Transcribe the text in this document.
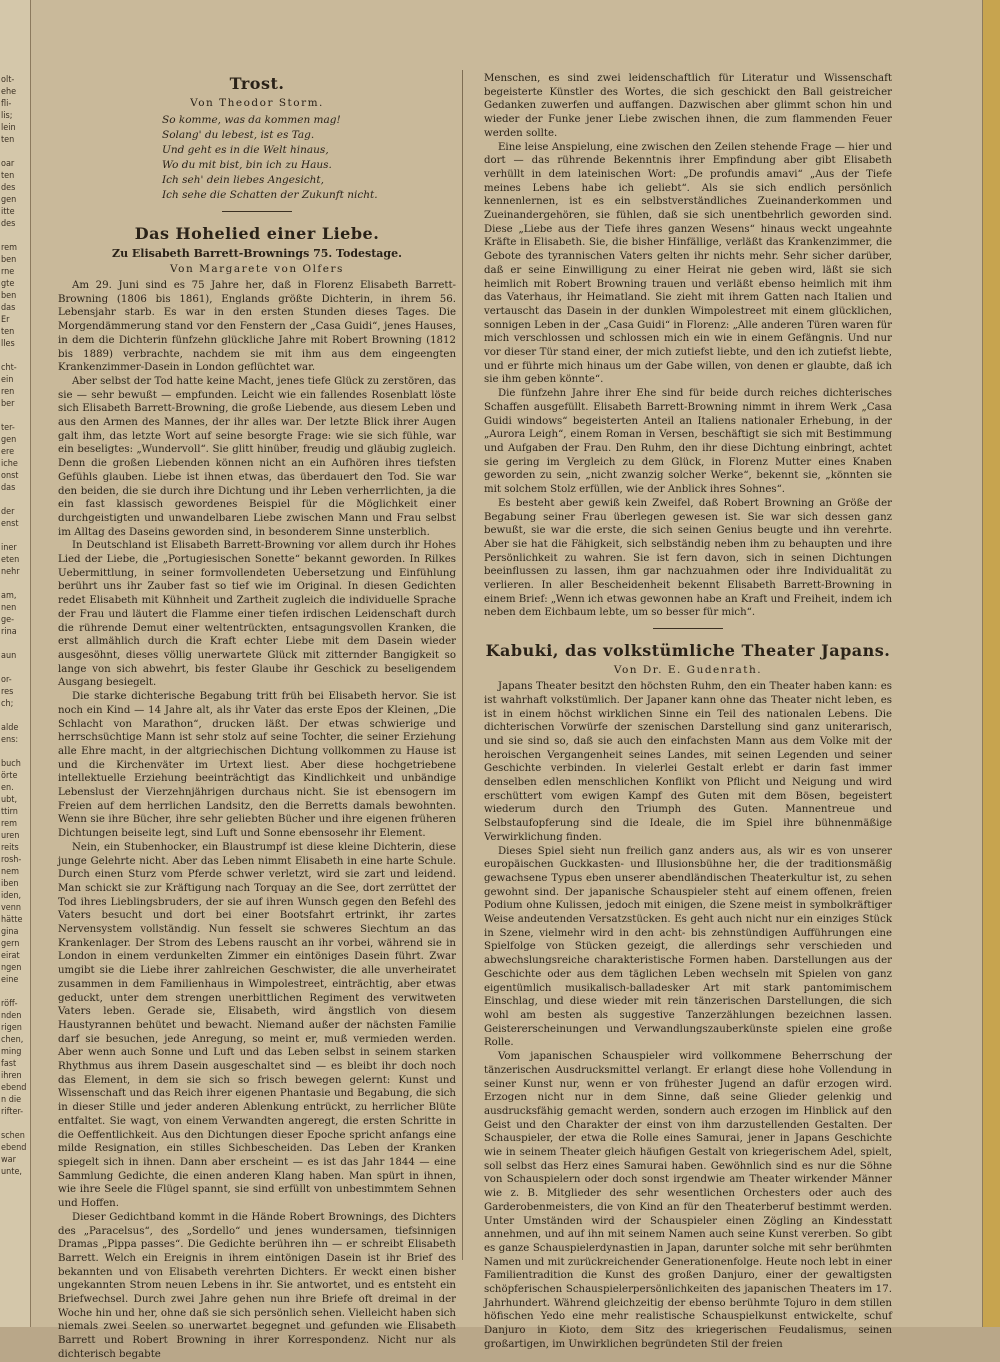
olt-
ehe
fli-
lis;
lein
ten

oar
ten
des
gen
itte
des

rem
ben
rne
gte
ben
das
Er
ten
lles

cht-
ein
ren
ber

ter-
gen
ere
iche
onst
das

der
enst

iner
eten
nehr

am,
nen
ge-
rina

aun

or-
res
ch;

alde
ens:

buch
örte
en.
ubt,
ttirn
rem
uren
reits
rosh-
nem
iben
iden,
venn
hätte
gina
gern
eirat
ngen
eine

röff-
nden
rigen
chen,
ming
fast
ihren
ebend
n die
rifter-

schen
ebend
war
unte,
Trost.
Von Theodor Storm.
So komme, was da kommen mag!
Solang' du lebest, ist es Tag.
Und geht es in die Welt hinaus,
Wo du mit bist, bin ich zu Haus.
Ich seh' dein liebes Angesicht,
Ich sehe die Schatten der Zukunft nicht.
Das Hohelied einer Liebe.
Zu Elisabeth Barrett-Brownings 75. Todestage.
Von Margarete von Olfers

Am 29. Juni sind es 75 Jahre her, daß in Florenz Elisabeth Barrett-Browning (1806 bis 1861), Englands größte Dichterin, in ihrem 56. Lebensjahr starb. Es war in den ersten Stunden dieses Tages. Die Morgendämmerung stand vor den Fenstern der „Casa Guidi“, jenes Hauses, in dem die Dichterin fünfzehn glückliche Jahre mit Robert Browning (1812 bis 1889) verbrachte, nachdem sie mit ihm aus dem eingeengten Krankenzimmer-Dasein in London geflüchtet war.

Aber selbst der Tod hatte keine Macht, jenes tiefe Glück zu zerstören, das sie — sehr bewußt — empfunden. Leicht wie ein fallendes Rosenblatt löste sich Elisabeth Barrett-Browning, die große Liebende, aus diesem Leben und aus den Armen des Mannes, der ihr alles war. Der letzte Blick ihrer Augen galt ihm, das letzte Wort auf seine besorgte Frage: wie sie sich fühle, war ein beseligtes: „Wundervoll“. Sie glitt hinüber, freudig und gläubig zugleich. Denn die großen Liebenden können nicht an ein Aufhören ihres tiefsten Gefühls glauben. Liebe ist ihnen etwas, das überdauert den Tod. Sie war den beiden, die sie durch ihre Dichtung und ihr Leben verherrlichten, ja die ein fast klassisch gewordenes Beispiel für die Möglichkeit einer durchgeistigten und unwandelbaren Liebe zwischen Mann und Frau selbst im Alltag des Daseins geworden sind, in besonderem Sinne unsterblich.

In Deutschland ist Elisabeth Barrett-Browning vor allem durch ihr Hohes Lied der Liebe, die „Portugiesischen Sonette“ bekannt geworden. In Rilkes Uebermittlung, in seiner formvollendeten Uebersetzung und Einfühlung berührt uns ihr Zauber fast so tief wie im Original. In diesen Gedichten redet Elisabeth mit Kühnheit und Zartheit zugleich die individuelle Sprache der Frau und läutert die Flamme einer tiefen irdischen Leidenschaft durch die rührende Demut einer weltentrückten, entsagungsvollen Kranken, die erst allmählich durch die Kraft echter Liebe mit dem Dasein wieder ausgesöhnt, dieses völlig unerwartete Glück mit zitternder Bangigkeit so lange von sich abwehrt, bis fester Glaube ihr Geschick zu beseligendem Ausgang besiegelt.

Die starke dichterische Begabung tritt früh bei Elisabeth hervor. Sie ist noch ein Kind — 14 Jahre alt, als ihr Vater das erste Epos der Kleinen, „Die Schlacht von Marathon“, drucken läßt. Der etwas schwierige und herrschsüchtige Mann ist sehr stolz auf seine Tochter, die seiner Erziehung alle Ehre macht, in der altgriechischen Dichtung vollkommen zu Hause ist und die Kirchenväter im Urtext liest. Aber diese hochgetriebene intellektuelle Erziehung beeinträchtigt das Kindlichkeit und unbändige Lebenslust der Vierzehnjährigen durchaus nicht. Sie ist ebensogern im Freien auf dem herrlichen Landsitz, den die Berretts damals bewohnten. Wenn sie ihre Bücher, ihre sehr geliebten Bücher und ihre eigenen früheren Dichtungen beiseite legt, sind Luft und Sonne ebensosehr ihr Element.

Nein, ein Stubenhocker, ein Blaustrumpf ist diese kleine Dichterin, diese junge Gelehrte nicht. Aber das Leben nimmt Elisabeth in eine harte Schule. Durch einen Sturz vom Pferde schwer verletzt, wird sie zart und leidend. Man schickt sie zur Kräftigung nach Torquay an die See, dort zerrüttet der Tod ihres Lieblingsbruders, der sie auf ihren Wunsch gegen den Befehl des Vaters besucht und dort bei einer Bootsfahrt ertrinkt, ihr zartes Nervensystem vollständig. Nun fesselt sie schweres Siechtum an das Krankenlager. Der Strom des Lebens rauscht an ihr vorbei, während sie in London in einem verdunkelten Zimmer ein eintöniges Dasein führt. Zwar umgibt sie die Liebe ihrer zahlreichen Geschwister, die alle unverheiratet zusammen in dem Familienhaus in Wimpolestreet, einträchtig, aber etwas geduckt, unter dem strengen unerbittlichen Regiment des verwitweten Vaters leben. Gerade sie, Elisabeth, wird ängstlich von diesem Haustyrannen behütet und bewacht. Niemand außer der nächsten Familie darf sie besuchen, jede Anregung, so meint er, muß vermieden werden. Aber wenn auch Sonne und Luft und das Leben selbst in seinem starken Rhythmus aus ihrem Dasein ausgeschaltet sind — es bleibt ihr doch noch das Element, in dem sie sich so frisch bewegen gelernt: Kunst und Wissenschaft und das Reich ihrer eigenen Phantasie und Begabung, die sich in dieser Stille und jeder anderen Ablenkung entrückt, zu herrlicher Blüte entfaltet. Sie wagt, von einem Verwandten angeregt, die ersten Schritte in die Oeffentlichkeit. Aus den Dichtungen dieser Epoche spricht anfangs eine milde Resignation, ein stilles Sichbescheiden. Das Leben der Kranken spiegelt sich in ihnen. Dann aber erscheint — es ist das Jahr 1844 — eine Sammlung Gedichte, die einen anderen Klang haben. Man spürt in ihnen, wie ihre Seele die Flügel spannt, sie sind erfüllt von unbestimmtem Sehnen und Hoffen.

Dieser Gedichtband kommt in die Hände Robert Brownings, des Dichters des „Paracelsus“, des „Sordello“ und jenes wundersamen, tiefsinnigen Dramas „Pippa passes“. Die Gedichte berühren ihn — er schreibt Elisabeth Barrett. Welch ein Ereignis in ihrem eintönigen Dasein ist ihr Brief des bekannten und von Elisabeth verehrten Dichters. Er weckt einen bisher ungekannten Strom neuen Lebens in ihr. Sie antwortet, und es entsteht ein Briefwechsel. Durch zwei Jahre gehen nun ihre Briefe oft dreimal in der Woche hin und her, ohne daß sie sich persönlich sehen. Vielleicht haben sich niemals zwei Seelen so unerwartet begegnet und gefunden wie Elisabeth Barrett und Robert Browning in ihrer Korrespondenz. Nicht nur als dichterisch begabte

Menschen, es sind zwei leidenschaftlich für Literatur und Wissenschaft begeisterte Künstler des Wortes, die sich geschickt den Ball geistreicher Gedanken zuwerfen und auffangen. Dazwischen aber glimmt schon hin und wieder der Funke jener Liebe zwischen ihnen, die zum flammenden Feuer werden sollte.

Eine leise Anspielung, eine zwischen den Zeilen stehende Frage — hier und dort — das rührende Bekenntnis ihrer Empfindung aber gibt Elisabeth verhüllt in dem lateinischen Wort: „De profundis amavi“ „Aus der Tiefe meines Lebens habe ich geliebt“. Als sie sich endlich persönlich kennenlernen, ist es ein selbstverständliches Zueinanderkommen und Zueinandergehören, sie fühlen, daß sie sich unentbehrlich geworden sind. Diese „Liebe aus der Tiefe ihres ganzen Wesens“ hinaus weckt ungeahnte Kräfte in Elisabeth. Sie, die bisher Hinfällige, verläßt das Krankenzimmer, die Gebote des tyrannischen Vaters gelten ihr nichts mehr. Sehr sicher darüber, daß er seine Einwilligung zu einer Heirat nie geben wird, läßt sie sich heimlich mit Robert Browning trauen und verläßt ebenso heimlich mit ihm das Vaterhaus, ihr Heimatland. Sie zieht mit ihrem Gatten nach Italien und vertauscht das Dasein in der dunklen Wimpolestreet mit einem glücklichen, sonnigen Leben in der „Casa Guidi“ in Florenz: „Alle anderen Türen waren für mich verschlossen und schlossen mich ein wie in einem Gefängnis. Und nur vor dieser Tür stand einer, der mich zutiefst liebte, und den ich zutiefst liebte, und er führte mich hinaus um der Gabe willen, von denen er glaubte, daß ich sie ihm geben könnte“.

Die fünfzehn Jahre ihrer Ehe sind für beide durch reiches dichterisches Schaffen ausgefüllt. Elisabeth Barrett-Browning nimmt in ihrem Werk „Casa Guidi windows“ begeisterten Anteil an Italiens nationaler Erhebung, in der „Aurora Leigh“, einem Roman in Versen, beschäftigt sie sich mit Bestimmung und Aufgaben der Frau. Den Ruhm, den ihr diese Dichtung einbringt, achtet sie gering im Vergleich zu dem Glück, in Florenz Mutter eines Knaben geworden zu sein, „nicht zwanzig solcher Werke“, bekennt sie, „könnten sie mit solchem Stolz erfüllen, wie der Anblick ihres Sohnes“.

Es besteht aber gewiß kein Zweifel, daß Robert Browning an Größe der Begabung seiner Frau überlegen gewesen ist. Sie war sich dessen ganz bewußt, sie war die erste, die sich seinen Genius beugte und ihn verehrte. Aber sie hat die Fähigkeit, sich selbständig neben ihm zu behaupten und ihre Persönlichkeit zu wahren. Sie ist fern davon, sich in seinen Dichtungen beeinflussen zu lassen, ihm gar nachzuahmen oder ihre Individualität zu verlieren. In aller Bescheidenheit bekennt Elisabeth Barrett-Browning in einem Brief: „Wenn ich etwas gewonnen habe an Kraft und Freiheit, indem ich neben dem Eichbaum lebte, um so besser für mich“.

Kabuki, das volkstümliche Theater Japans.
Von Dr. E. Gudenrath.

Japans Theater besitzt den höchsten Ruhm, den ein Theater haben kann: es ist wahrhaft volkstümlich. Der Japaner kann ohne das Theater nicht leben, es ist in einem höchst wirklichen Sinne ein Teil des nationalen Lebens. Die dichterischen Vorwürfe der szenischen Darstellung sind ganz uniterarisch, und sie sind so, daß sie auch den einfachsten Mann aus dem Volke mit der heroischen Vergangenheit seines Landes, mit seinen Legenden und seiner Geschichte verbinden. In vielerlei Gestalt erlebt er darin fast immer denselben edlen menschlichen Konflikt von Pflicht und Neigung und wird erschüttert vom ewigen Kampf des Guten mit dem Bösen, begeistert wiederum durch den Triumph des Guten. Mannentreue und Selbstaufopferung sind die Ideale, die im Spiel ihre bühnenmäßige Verwirklichung finden.

Dieses Spiel sieht nun freilich ganz anders aus, als wir es von unserer europäischen Guckkasten- und Illusionsbühne her, die der traditionsmäßig gewachsene Typus eben unserer abendländischen Theaterkultur ist, zu sehen gewohnt sind. Der japanische Schauspieler steht auf einem offenen, freien Podium ohne Kulissen, jedoch mit einigen, die Szene meist in symbolkräftiger Weise andeutenden Versatzstücken. Es geht auch nicht nur ein einziges Stück in Szene, vielmehr wird in den acht- bis zehnstündigen Aufführungen eine Spielfolge von Stücken gezeigt, die allerdings sehr verschieden und abwechslungsreiche charakteristische Formen haben. Darstellungen aus der Geschichte oder aus dem täglichen Leben wechseln mit Spielen von ganz eigentümlich musikalisch-balladesker Art mit stark pantomimischem Einschlag, und diese wieder mit rein tänzerischen Darstellungen, die sich wohl am besten als suggestive Tanzerzählungen bezeichnen lassen. Geistererscheinungen und Verwandlungszauberkünste spielen eine große Rolle.

Vom japanischen Schauspieler wird vollkommene Beherrschung der tänzerischen Ausdrucksmittel verlangt. Er erlangt diese hohe Vollendung in seiner Kunst nur, wenn er von frühester Jugend an dafür erzogen wird. Erzogen nicht nur in dem Sinne, daß seine Glieder gelenkig und ausdrucksfähig gemacht werden, sondern auch erzogen im Hinblick auf den Geist und den Charakter der einst von ihm darzustellenden Gestalten. Der Schauspieler, der etwa die Rolle eines Samurai, jener in Japans Geschichte wie in seinem Theater gleich häufigen Gestalt von kriegerischem Adel, spielt, soll selbst das Herz eines Samurai haben. Gewöhnlich sind es nur die Söhne von Schauspielern oder doch sonst irgendwie am Theater wirkender Männer wie z. B. Mitglieder des sehr wesentlichen Orchesters oder auch des Garderobenmeisters, die von Kind an für den Theaterberuf bestimmt werden. Unter Umständen wird der Schauspieler einen Zögling an Kindesstatt annehmen, und auf ihn mit seinem Namen auch seine Kunst vererben. So gibt es ganze Schauspielerdynastien in Japan, darunter solche mit sehr berühmten Namen und mit zurückreichender Generationenfolge. Heute noch lebt in einer Familientradition die Kunst des großen Danjuro, einer der gewaltigsten schöpferischen Schauspielerpersönlichkeiten des japanischen Theaters im 17. Jahrhundert. Während gleichzeitig der ebenso berühmte Tojuro in dem stillen höfischen Yedo eine mehr realistische Schauspielkunst entwickelte, schuf Danjuro in Kioto, dem Sitz des kriegerischen Feudalismus, seinen großartigen, im Unwirklichen begründeten Stil der freien
